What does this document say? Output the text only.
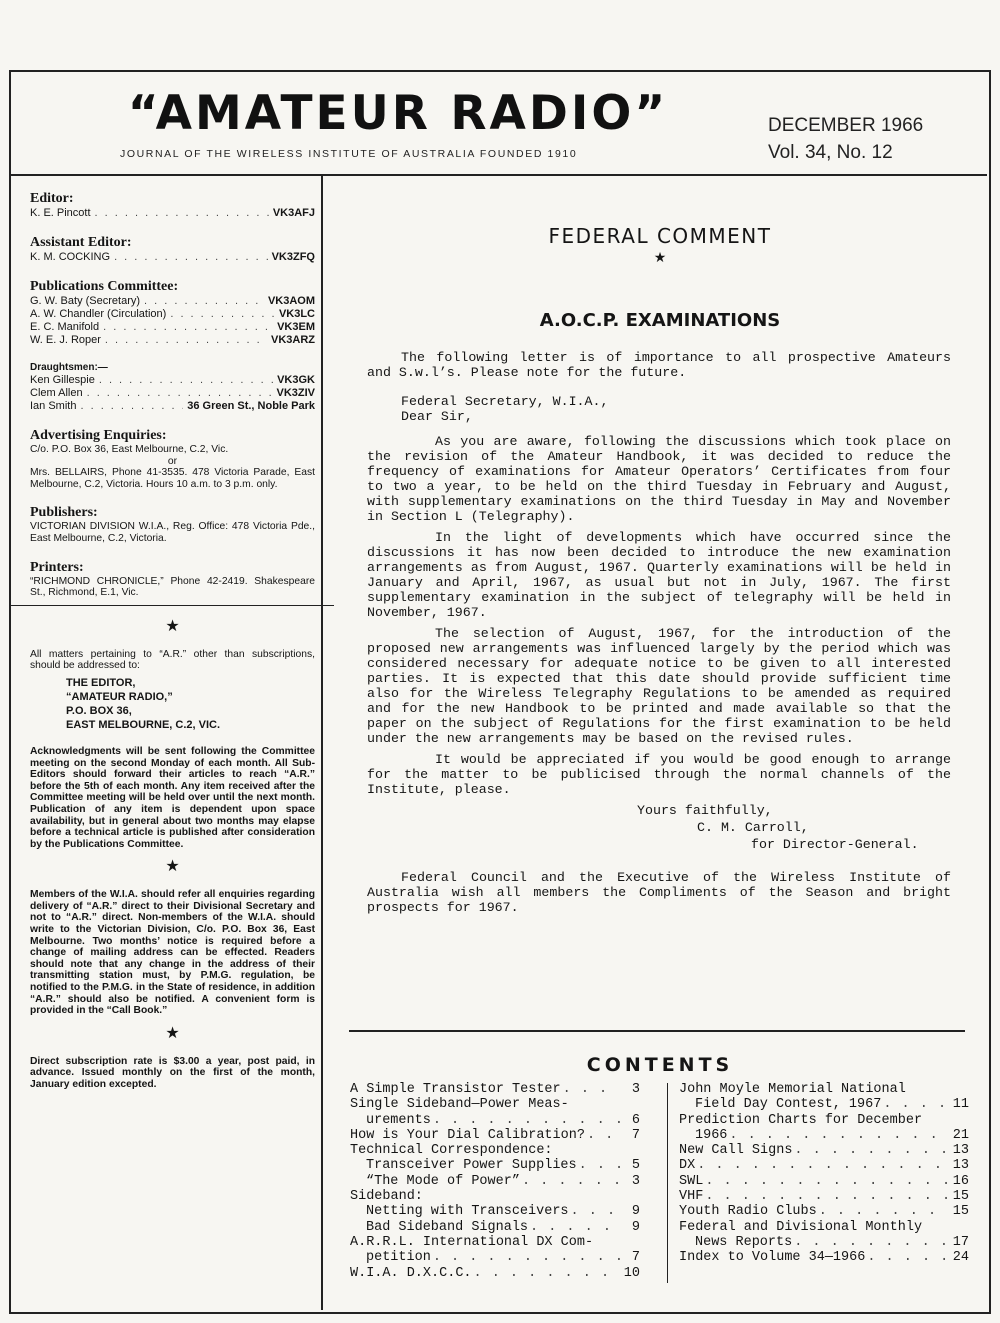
“AMATEUR RADIO”
JOURNAL OF THE WIRELESS INSTITUTE OF AUSTRALIA FOUNDED 1910
DECEMBER 1966
Vol. 34, No. 12
Editor:
K. E. Pincott . . .	VK3AFJ
Assistant Editor:
K. M. COCKING . . .	VK3ZFQ
Publications Committee:
G. W. Baty (Secretary) . . .	VK3AOM
A. W. Chandler (Circulation) . . .	VK3LC
E. C. Manifold . . .	VK3EM
W. E. J. Roper . . .	VK3ARZ
Draughtsmen:—
Ken Gillespie . . .	VK3GK
Clem Allen . . .	VK3ZIV
Ian Smith . . .	36 Green St., Noble Park
Advertising Enquiries:

C/o. P.O. Box 36, East Melbourne, C.2, Vic.

or

Mrs. BELLAIRS, Phone 41-3535. 478 Victoria Parade, East Melbourne, C.2, Victoria. Hours 10 a.m. to 3 p.m. only.

Publishers:

VICTORIAN DIVISION W.I.A., Reg. Office: 478 Victoria Pde., East Melbourne, C.2, Victoria.

Printers:

“RICHMOND CHRONICLE,” Phone 42-2419. Shakespeare St., Richmond, E.1, Vic.

★

All matters pertaining to “A.R.” other than subscriptions, should be addressed to:

THE EDITOR,
“AMATEUR RADIO,”
P.O. BOX 36,
EAST MELBOURNE, C.2, VIC.

Acknowledgments will be sent following the Committee meeting on the second Monday of each month. All Sub-Editors should forward their articles to reach “A.R.” before the 5th of each month. Any item received after the Committee meeting will be held over until the next month. Publication of any item is dependent upon space availability, but in general about two months may elapse before a technical article is published after consideration by the Publications Committee.

★

Members of the W.I.A. should refer all enquiries regarding delivery of “A.R.” direct to their Divisional Secretary and not to “A.R.” direct. Non-members of the W.I.A. should write to the Victorian Division, C/o. P.O. Box 36, East Melbourne. Two months’ notice is required before a change of mailing address can be effected. Readers should note that any change in the address of their transmitting station must, by P.M.G. regulation, be notified to the P.M.G. in the State of residence, in addition “A.R.” should also be notified. A convenient form is provided in the “Call Book.”

★

Direct subscription rate is $3.00 a year, post paid, in advance. Issued monthly on the first of the month, January edition excepted.

FEDERAL COMMENT
★
A.O.C.P. EXAMINATIONS

The following letter is of importance to all prospective Amateurs and S.w.l’s. Please note for the future.

Federal Secretary, W.I.A.,

Dear Sir,

As you are aware, following the discussions which took place on the revision of the Amateur Handbook, it was decided to reduce the frequency of examinations for Amateur Operators’ Certificates from four to two a year, to be held on the third Tuesday in February and August, with supplementary examinations on the third Tuesday in May and November in Section L (Telegraphy).

In the light of developments which have occurred since the discussions it has now been decided to introduce the new examination arrangements as from August, 1967. Quarterly examinations will be held in January and April, 1967, as usual but not in July, 1967. The first supplementary examination in the subject of telegraphy will be held in November, 1967.

The selection of August, 1967, for the introduction of the proposed new arrangements was influenced largely by the period which was considered necessary for adequate notice to be given to all interested parties. It is expected that this date should provide sufficient time also for the Wireless Telegraphy Regulations to be amended as required and for the new Handbook to be printed and made available so that the paper on the subject of Regulations for the first examination to be held under the new arrangements may be based on the revised rules.

It would be appreciated if you would be good enough to arrange for the matter to be publicised through the normal channels of the Institute, please.

Yours faithfully,

C. M. Carroll,

for Director-General.

Federal Council and the Executive of the Wireless Institute of Australia wish all members the Compliments of the Season and bright prospects for 1967.

CONTENTS
A Simple Transistor Tester . . .	3
Single Sideband—Power Meas-
urements . . .	6
How is Your Dial Calibration? . . .	7
Technical Correspondence:
Transceiver Power Supplies . . .	5
“The Mode of Power” . . .	3
Sideband:
Netting with Transceivers . . .	9
Bad Sideband Signals . . .	9
A.R.R.L. International DX Com-
petition . . .	7
W.I.A. D.X.C.C. . . .	10
John Moyle Memorial National
Field Day Contest, 1967 . . .	11
Prediction Charts for December
1966 . . .	21
New Call Signs . . .	13
DX . . .	13
SWL . . .	16
VHF . . .	15
Youth Radio Clubs . . .	15
Federal and Divisional Monthly
News Reports . . .	17
Index to Volume 34—1966 . . .	24
